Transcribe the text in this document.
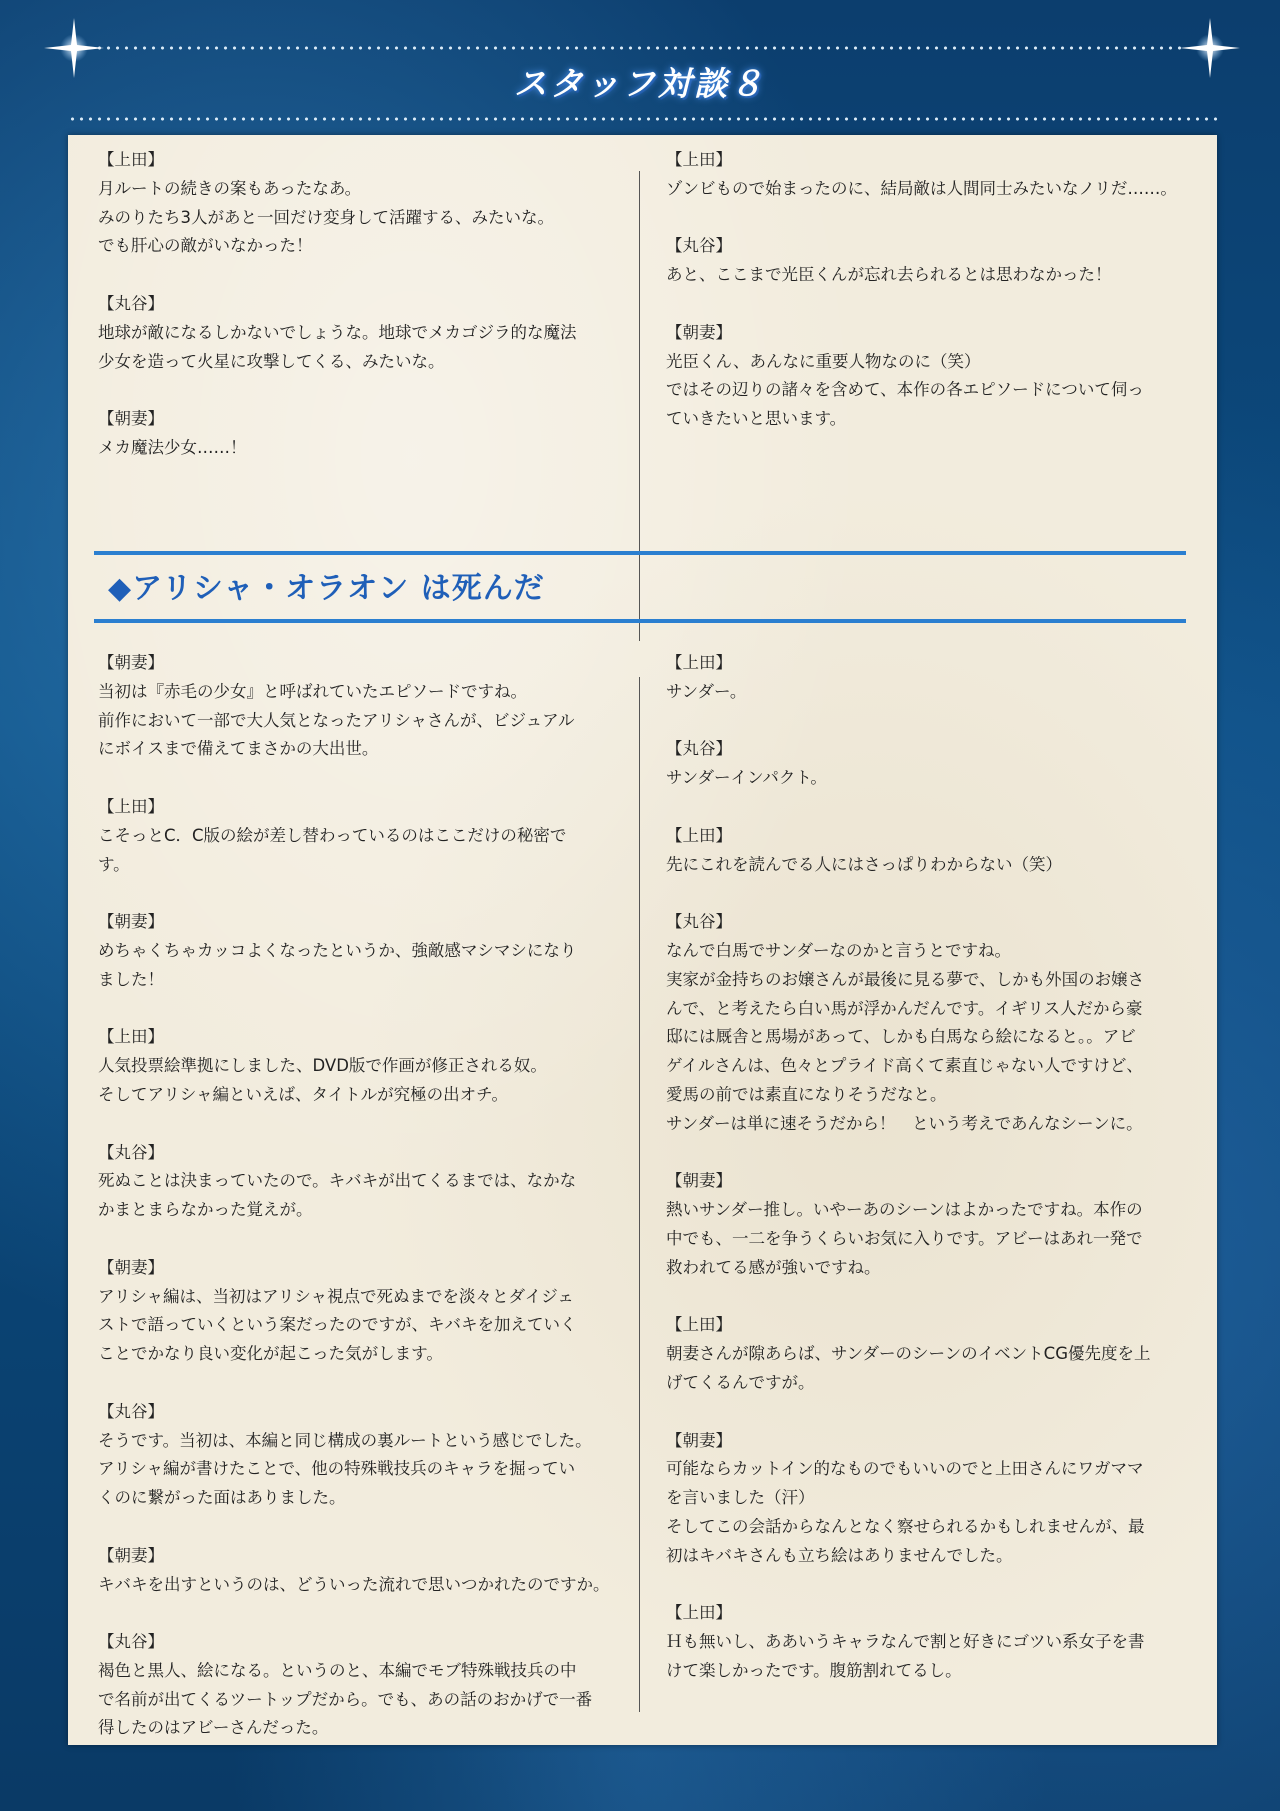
スタッフ対談８

【上田】

月ルートの続きの案もあったなあ。

みのりたち3人があと一回だけ変身して活躍する、みたいな。

でも肝心の敵がいなかった！

【丸谷】

地球が敵になるしかないでしょうな。地球でメカゴジラ的な魔法

少女を造って火星に攻撃してくる、みたいな。

【朝妻】

メカ魔法少女……！

【上田】

ゾンビもので始まったのに、結局敵は人間同士みたいなノリだ……。

【丸谷】

あと、ここまで光臣くんが忘れ去られるとは思わなかった！

【朝妻】

光臣くん、あんなに重要人物なのに（笑）

ではその辺りの諸々を含めて、本作の各エピソードについて伺っ

ていきたいと思います。

◆アリシャ・オラオン は死んだ

【朝妻】

当初は『赤毛の少女』と呼ばれていたエピソードですね。

前作において一部で大人気となったアリシャさんが、ビジュアル

にボイスまで備えてまさかの大出世。

【上田】

こそっとC．C版の絵が差し替わっているのはここだけの秘密で

す。

【朝妻】

めちゃくちゃカッコよくなったというか、強敵感マシマシになり

ました！

【上田】

人気投票絵準拠にしました、DVD版で作画が修正される奴。

そしてアリシャ編といえば、タイトルが究極の出オチ。

【丸谷】

死ぬことは決まっていたので。キバキが出てくるまでは、なかな

かまとまらなかった覚えが。

【朝妻】

アリシャ編は、当初はアリシャ視点で死ぬまでを淡々とダイジェ

ストで語っていくという案だったのですが、キバキを加えていく

ことでかなり良い変化が起こった気がします。

【丸谷】

そうです。当初は、本編と同じ構成の裏ルートという感じでした。

アリシャ編が書けたことで、他の特殊戦技兵のキャラを掘ってい

くのに繋がった面はありました。

【朝妻】

キバキを出すというのは、どういった流れで思いつかれたのですか。

【丸谷】

褐色と黒人、絵になる。というのと、本編でモブ特殊戦技兵の中

で名前が出てくるツートップだから。でも、あの話のおかげで一番

得したのはアビーさんだった。

【上田】

サンダー。

【丸谷】

サンダーインパクト。

【上田】

先にこれを読んでる人にはさっぱりわからない（笑）

【丸谷】

なんで白馬でサンダーなのかと言うとですね。

実家が金持ちのお嬢さんが最後に見る夢で、しかも外国のお嬢さ

んで、と考えたら白い馬が浮かんだんです。イギリス人だから豪

邸には厩舎と馬場があって、しかも白馬なら絵になると。。アビ

ゲイルさんは、色々とプライド高くて素直じゃない人ですけど、

愛馬の前では素直になりそうだなと。

サンダーは単に速そうだから！　という考えであんなシーンに。

【朝妻】

熱いサンダー推し。いやーあのシーンはよかったですね。本作の

中でも、一二を争うくらいお気に入りです。アビーはあれ一発で

救われてる感が強いですね。

【上田】

朝妻さんが隙あらば、サンダーのシーンのイベントCG優先度を上

げてくるんですが。

【朝妻】

可能ならカットイン的なものでもいいのでと上田さんにワガママ

を言いました（汗）

そしてこの会話からなんとなく察せられるかもしれませんが、最

初はキバキさんも立ち絵はありませんでした。

【上田】

Ｈも無いし、ああいうキャラなんで割と好きにゴツい系女子を書

けて楽しかったです。腹筋割れてるし。
